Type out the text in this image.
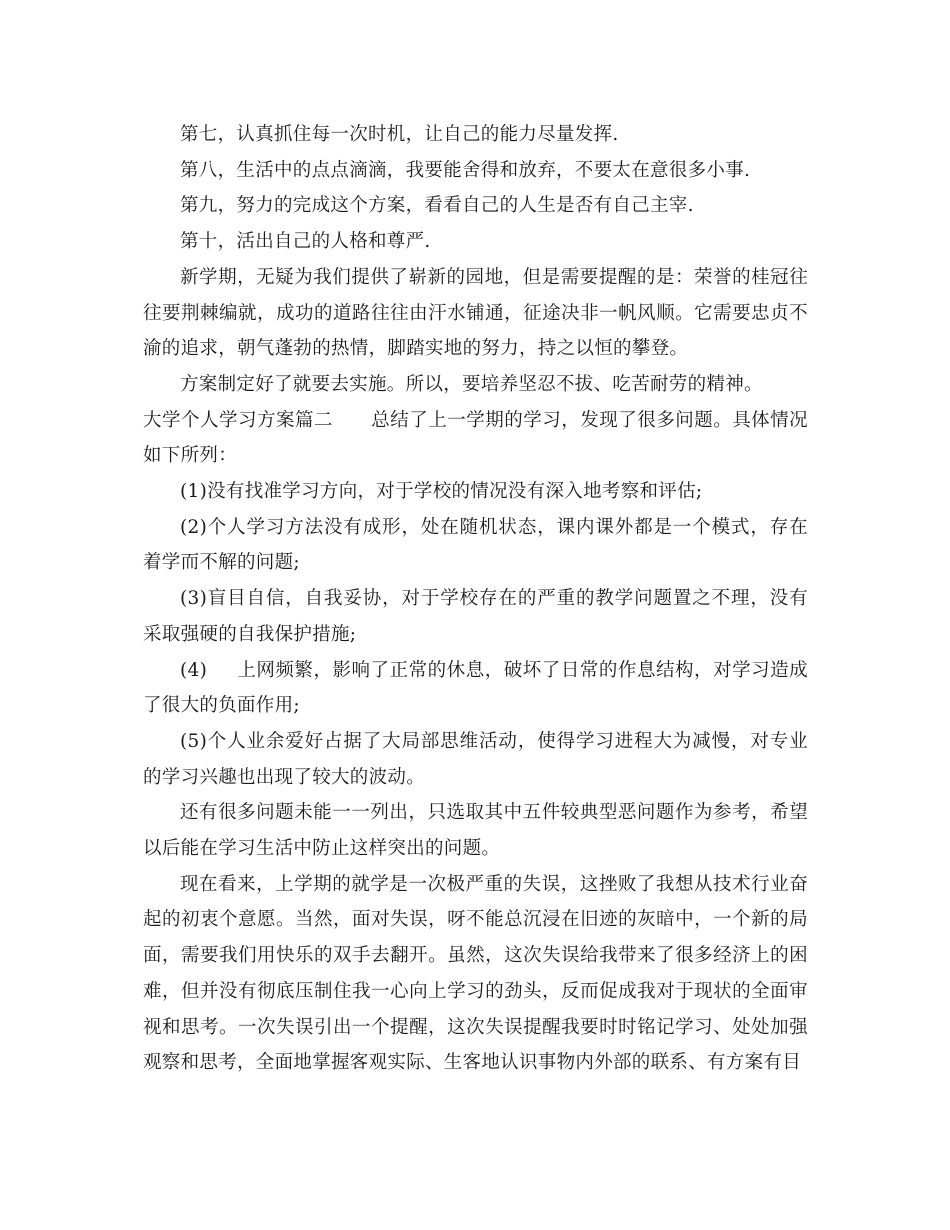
第七，认真抓住每一次时机，让自己的能力尽量发挥.

第八，生活中的点点滴滴，我要能舍得和放弃，不要太在意很多小事.

第九，努力的完成这个方案，看看自己的人生是否有自己主宰.

第十，活出自己的人格和尊严.

新学期，无疑为我们提供了崭新的园地，但是需要提醒的是：荣誉的桂冠往往要荆棘编就，成功的道路往往由汗水铺通，征途决非一帆风顺。它需要忠贞不渝的追求，朝气蓬勃的热情，脚踏实地的努力，持之以恒的攀登。

方案制定好了就要去实施。所以，要培养坚忍不拔、吃苦耐劳的精神。

大学个人学习方案篇二 总结了上一学期的学习，发现了很多问题。具体情况如下所列：

(1)没有找准学习方向，对于学校的情况没有深入地考察和评估;

(2)个人学习方法没有成形，处在随机状态，课内课外都是一个模式，存在着学而不解的问题;

(3)盲目自信，自我妥协，对于学校存在的严重的教学问题置之不理，没有采取强硬的自我保护措施;

(4) 上网频繁，影响了正常的休息，破坏了日常的作息结构，对学习造成了很大的负面作用;

(5)个人业余爱好占据了大局部思维活动，使得学习进程大为减慢，对专业的学习兴趣也出现了较大的波动。

还有很多问题未能一一列出，只选取其中五件较典型恶问题作为参考，希望以后能在学习生活中防止这样突出的问题。

现在看来，上学期的就学是一次极严重的失误，这挫败了我想从技术行业奋起的初衷个意愿。当然，面对失误，呀不能总沉浸在旧迹的灰暗中，一个新的局面，需要我们用快乐的双手去翻开。虽然，这次失误给我带来了很多经济上的困难，但并没有彻底压制住我一心向上学习的劲头，反而促成我对于现状的全面审视和思考。一次失误引出一个提醒，这次失误提醒我要时时铭记学习、处处加强观察和思考，全面地掌握客观实际、生客地认识事物内外部的联系、有方案有目
